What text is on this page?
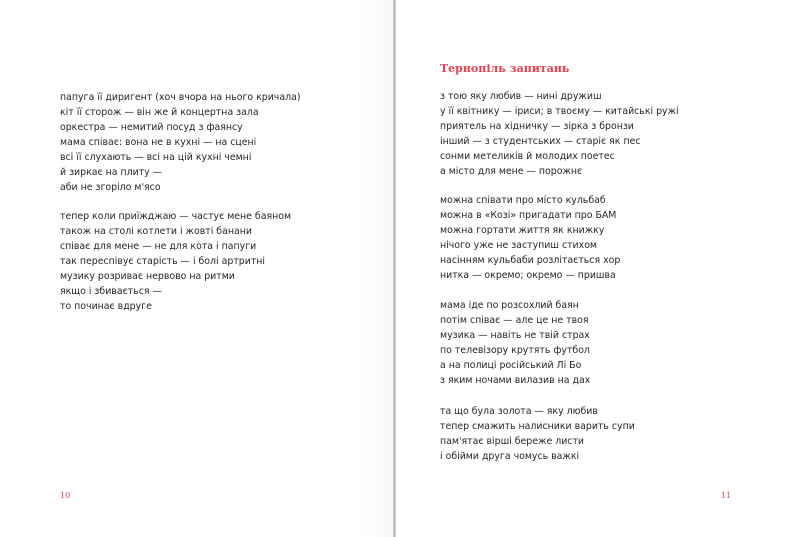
папуга її диригент (хоч вчора на нього кричала)
кіт її сторож — він же й концертна зала
оркестра — немитий посуд з фаянсу
мама співає: вона не в кухні — на сцені
всі її слухають — всі на цій кухні чемні
й зиркає на плиту —
аби не згоріло м'ясо
тепер коли приїжджаю — частує мене баяном
також на столі котлети і жовті банани
співає для мене — не для кота і папуги
так переспівує старість — і болі артритні
музику розриває нервово на ритми
якщо і збивається —
то починає вдруге

10

Тернопіль запитань
з тою яку любив — нині дружиш
у її квітнику — іриси; в твоєму — китайські ружі
приятель на хідничку — зірка з бронзи
інший — з студентських — старіє як пес
сонми метеликів й молодих поетес
а місто для мене — порожнє
можна співати про місто кульбаб
можна в «Козі» пригадати про БАМ
можна гортати життя як книжку
нічого уже не заступиш стихом
насінням кульбаби розлітається хор
нитка — окремо; окремо — пришва
мама іде по розсохлий баян
потім співає — але це не твоя
музика — навіть не твій страх
по телевізору крутять футбол
а на полиці російський Лі Бо
з яким ночами вилазив на дах
та що була золота — яку любив
тепер смажить налисники варить супи
пам'ятає вірші береже листи
і обійми друга чомусь важкі

11
